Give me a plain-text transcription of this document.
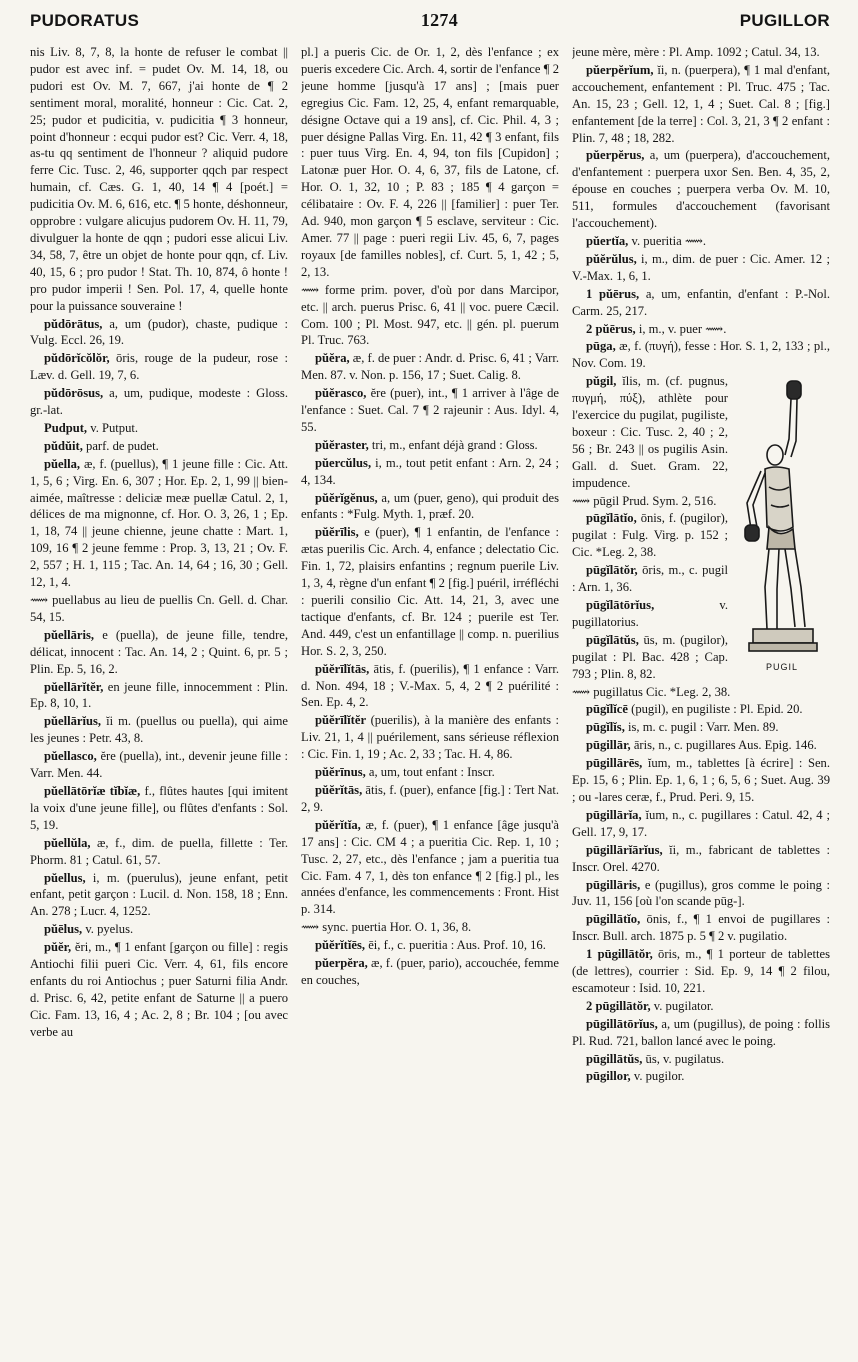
PUDORATUS	1274	PUGILLOR

nis Liv. 8, 7, 8, la honte de refuser le combat || pudor est avec inf. = pudet Ov. M. 14, 18, ou pudori est Ov. M. 7, 667, j'ai honte de ¶ 2 sentiment moral, moralité, honneur : Cic. Cat. 2, 25; pudor et pudicitia, v. pudicitia ¶ 3 honneur, point d'honneur : ecqui pudor est? Cic. Verr. 4, 18, as-tu qq sentiment de l'honneur ? aliquid pudore ferre Cic. Tusc. 2, 46, supporter qqch par respect humain, cf. Cæs. G. 1, 40, 14 ¶ 4 [poét.] = pudicitia Ov. M. 6, 616, etc. ¶ 5 honte, déshonneur, opprobre : vulgare alicujus pudorem Ov. H. 11, 79, divulguer la honte de qqn ; pudori esse alicui Liv. 34, 58, 7, être un objet de honte pour qqn, cf. Liv. 40, 15, 6 ; pro pudor ! Stat. Th. 10, 874, ô honte ! pro pudor imperii ! Sen. Pol. 17, 4, quelle honte pour la puissance souveraine !

pŭdōrātus, a, um (pudor), chaste, pudique : Vulg. Eccl. 26, 19.

pŭdōrĭcŏlŏr, ōris, rouge de la pudeur, rose : Læv. d. Gell. 19, 7, 6.

pŭdōrōsus, a, um, pudique, modeste : Gloss. gr.-lat.

Pudput, v. Putput.

pŭdŭit, parf. de pudet.

pŭella, æ, f. (puellus), ¶ 1 jeune fille : Cic. Att. 1, 5, 6 ; Virg. En. 6, 307 ; Hor. Ep. 2, 1, 99 || bien-aimée, maîtresse : deliciæ meæ puellæ Catul. 2, 1, délices de ma mignonne, cf. Hor. O. 3, 26, 1 ; Ep. 1, 18, 74 || jeune chienne, jeune chatte : Mart. 1, 109, 16 ¶ 2 jeune femme : Prop. 3, 13, 21 ; Ov. F. 2, 557 ; H. 1, 115 ; Tac. An. 14, 64 ; 16, 30 ; Gell. 12, 1, 4.

⟿ puellabus au lieu de puellis Cn. Gell. d. Char. 54, 15.

pŭellāris, e (puella), de jeune fille, tendre, délicat, innocent : Tac. An. 14, 2 ; Quint. 6, pr. 5 ; Plin. Ep. 5, 16, 2.

pŭellārĭtĕr, en jeune fille, innocemment : Plin. Ep. 8, 10, 1.

pŭellārĭus, ĭi m. (puellus ou puella), qui aime les jeunes : Petr. 43, 8.

pŭellasco, ĕre (puella), int., devenir jeune fille : Varr. Men. 44.

pŭellātōrĭæ tĭbĭæ, f., flûtes hautes [qui imitent la voix d'une jeune fille], ou flûtes d'enfants : Sol. 5, 19.

pŭellŭla, æ, f., dim. de puella, fillette : Ter. Phorm. 81 ; Catul. 61, 57.

pŭellus, i, m. (puerulus), jeune enfant, petit enfant, petit garçon : Lucil. d. Non. 158, 18 ; Enn. An. 278 ; Lucr. 4, 1252.

pŭēlus, v. pyelus.

pŭĕr, ĕri, m., ¶ 1 enfant [garçon ou fille] : regis Antiochi filii pueri Cic. Verr. 4, 61, fils encore enfants du roi Antiochus ; puer Saturni filia Andr. d. Prisc. 6, 42, petite enfant de Saturne || a puero Cic. Fam. 13, 16, 4 ; Ac. 2, 8 ; Br. 104 ; [ou avec verbe au

pl.] a pueris Cic. de Or. 1, 2, dès l'enfance ; ex pueris excedere Cic. Arch. 4, sortir de l'enfance ¶ 2 jeune homme [jusqu'à 17 ans] ; [mais puer egregius Cic. Fam. 12, 25, 4, enfant remarquable, désigne Octave qui a 19 ans], cf. Cic. Phil. 4, 3 ; puer désigne Pallas Virg. En. 11, 42 ¶ 3 enfant, fils : puer tuus Virg. En. 4, 94, ton fils [Cupidon] ; Latonæ puer Hor. O. 4, 6, 37, fils de Latone, cf. Hor. O. 1, 32, 10 ; P. 83 ; 185 ¶ 4 garçon = célibataire : Ov. F. 4, 226 || [familier] : puer Ter. Ad. 940, mon garçon ¶ 5 esclave, serviteur : Cic. Amer. 77 || page : pueri regii Liv. 45, 6, 7, pages royaux [de familles nobles], cf. Curt. 5, 1, 42 ; 5, 2, 13.

⟿ forme prim. pover, d'où por dans Marcipor, etc. || arch. puerus Prisc. 6, 41 || voc. puere Cæcil. Com. 100 ; Pl. Most. 947, etc. || gén. pl. puerum Pl. Truc. 763.

pŭĕra, æ, f. de puer : Andr. d. Prisc. 6, 41 ; Varr. Men. 87. v. Non. p. 156, 17 ; Suet. Calig. 8.

pŭĕrasco, ĕre (puer), int., ¶ 1 arriver à l'âge de l'enfance : Suet. Cal. 7 ¶ 2 rajeunir : Aus. Idyl. 4, 55.

pŭĕraster, tri, m., enfant déjà grand : Gloss.

pŭercŭlus, i, m., tout petit enfant : Arn. 2, 24 ; 4, 134.

pŭĕrĭgĕnus, a, um (puer, geno), qui produit des enfants : *Fulg. Myth. 1, præf. 20.

pŭĕrīlis, e (puer), ¶ 1 enfantin, de l'enfance : ætas puerilis Cic. Arch. 4, enfance ; delectatio Cic. Fin. 1, 72, plaisirs enfantins ; regnum puerile Liv. 1, 3, 4, règne d'un enfant ¶ 2 [fig.] puéril, irréfléchi : puerili consilio Cic. Att. 14, 21, 3, avec une tactique d'enfants, cf. Br. 124 ; puerile est Ter. And. 449, c'est un enfantillage || comp. n. puerilius Hor. S. 2, 3, 250.

pŭĕrīlĭtās, ātis, f. (puerilis), ¶ 1 enfance : Varr. d. Non. 494, 18 ; V.-Max. 5, 4, 2 ¶ 2 puérilité : Sen. Ep. 4, 2.

pŭĕrīlĭtĕr (puerilis), à la manière des enfants : Liv. 21, 1, 4 || puérilement, sans sérieuse réflexion : Cic. Fin. 1, 19 ; Ac. 2, 33 ; Tac. H. 4, 86.

pŭĕrīnus, a, um, tout enfant : Inscr.

pŭĕrĭtās, ātis, f. (puer), enfance [fig.] : Tert Nat. 2, 9.

pŭĕrĭtĭa, æ, f. (puer), ¶ 1 enfance [âge jusqu'à 17 ans] : Cic. CM 4 ; a pueritia Cic. Rep. 1, 10 ; Tusc. 2, 27, etc., dès l'enfance ; jam a pueritia tua Cic. Fam. 4 7, 1, dès ton enfance ¶ 2 [fig.] pl., les années d'enfance, les commencements : Front. Hist p. 314.

⟿ sync. puertia Hor. O. 1, 36, 8.

pŭĕrĭtĭēs, ēi, f., c. pueritia : Aus. Prof. 10, 16.

pŭerpĕra, æ, f. (puer, pario), accouchée, femme en couches,

jeune mère, mère : Pl. Amp. 1092 ; Catul. 34, 13.

pŭerpĕrĭum, ĭi, n. (puerpera), ¶ 1 mal d'enfant, accouchement, enfantement : Pl. Truc. 475 ; Tac. An. 15, 23 ; Gell. 12, 1, 4 ; Suet. Cal. 8 ; [fig.] enfantement [de la terre] : Col. 3, 21, 3 ¶ 2 enfant : Plin. 7, 48 ; 18, 282.

pŭerpĕrus, a, um (puerpera), d'accouchement, d'enfantement : puerpera uxor Sen. Ben. 4, 35, 2, épouse en couches ; puerpera verba Ov. M. 10, 511, formules d'accouchement (favorisant l'accouchement).

pŭertĭa, v. pueritia ⟿.

pŭĕrŭlus, i, m., dim. de puer : Cic. Amer. 12 ; V.-Max. 1, 6, 1.

1 pŭērus, a, um, enfantin, d'enfant : P.-Nol. Carm. 25, 217.

2 pŭērus, i, m., v. puer ⟿.

pūga, æ, f. (πυγή), fesse : Hor. S. 1, 2, 133 ; pl., Nov. Com. 19.

PUGIL

pŭgil, ĭlis, m. (cf. pugnus, πυγμή, πύξ), athlète pour l'exercice du pugilat, pugiliste, boxeur : Cic. Tusc. 2, 40 ; 2, 56 ; Br. 243 || os pugilis Asin. Gall. d. Suet. Gram. 22, impudence.

⟿ pūgil Prud. Sym. 2, 516.

pūgĭlātĭo, ōnis, f. (pugilor), pugilat : Fulg. Virg. p. 152 ; Cic. *Leg. 2, 38.

pūgĭlātŏr, ōris, m., c. pugil : Arn. 1, 36.

pūgĭlātōrĭus,	v. pugillatorius.

pūgĭlātŭs, ūs, m. (pugilor), pugilat : Pl. Bac. 428 ; Cap. 793 ; Plin. 8, 82.

⟿ pugillatus Cic. *Leg. 2, 38.

pūgĭlĭcē (pugil), en pugiliste : Pl. Epid. 20.

pūgĭlĭs, is, m. c. pugil : Varr. Men. 89.

pūgillār, āris, n., c. pugillares Aus. Epig. 146.

pūgillārēs, ĭum, m., tablettes [à écrire] : Sen. Ep. 15, 6 ; Plin. Ep. 1, 6, 1 ; 6, 5, 6 ; Suet. Aug. 39 ; ou -lares ceræ, f., Prud. Peri. 9, 15.

pūgillārĭa, ĭum, n., c. pugillares : Catul. 42, 4 ; Gell. 17, 9, 17.

pūgillārĭārĭus, ĭi, m., fabricant de tablettes : Inscr. Orel. 4270.

pūgillāris, e (pugillus), gros comme le poing : Juv. 11, 156 [où l'on scande pūg-].

pūgillātĭo, ōnis, f., ¶ 1 envoi de pugillares : Inscr. Bull. arch. 1875 p. 5 ¶ 2 v. pugilatio.

1 pūgillātŏr, ōris, m., ¶ 1 porteur de tablettes (de lettres), courrier : Sid. Ep. 9, 14 ¶ 2 filou, escamoteur : Isid. 10, 221.

2 pūgillātŏr, v. pugilator.

pūgillātōrĭus, a, um (pugillus), de poing : follis Pl. Rud. 721, ballon lancé avec le poing.

pūgillātŭs, ūs, v. pugilatus.

pūgillor, v. pugilor.
